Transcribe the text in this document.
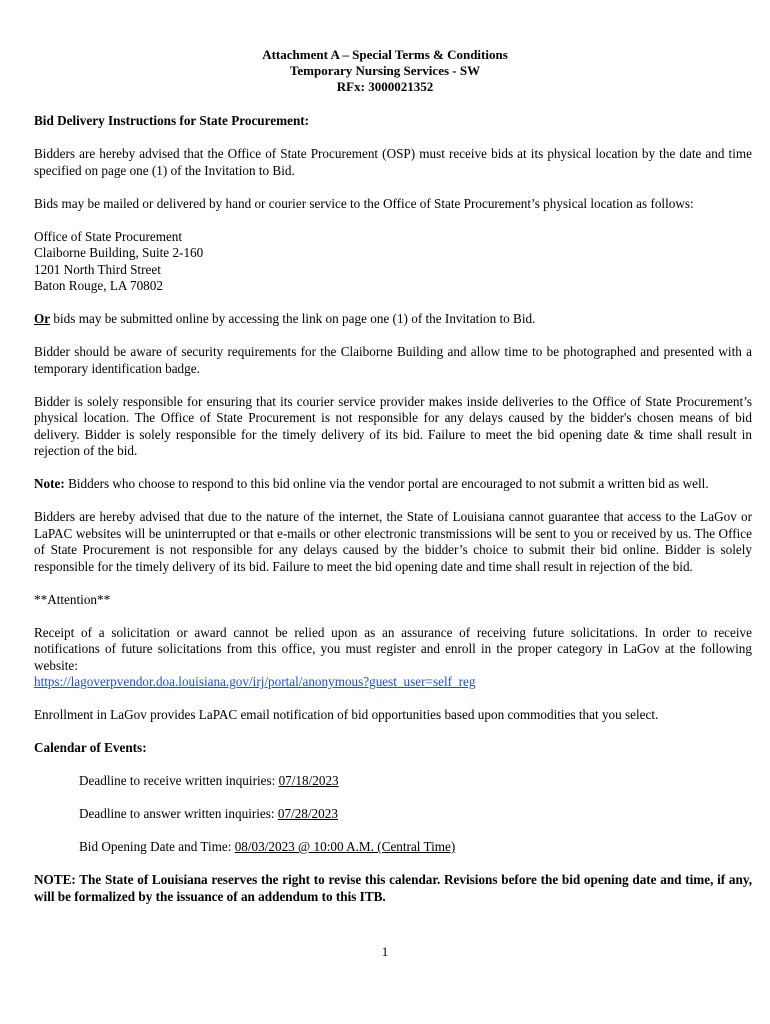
Attachment A – Special Terms & Conditions
Temporary Nursing Services - SW
RFx: 3000021352

Bid Delivery Instructions for State Procurement:

Bidders are hereby advised that the Office of State Procurement (OSP) must receive bids at its physical location by the date and time specified on page one (1) of the Invitation to Bid.

Bids may be mailed or delivered by hand or courier service to the Office of State Procurement’s physical location as follows:

Office of State Procurement
Claiborne Building, Suite 2-160
1201 North Third Street
Baton Rouge, LA 70802

Or bids may be submitted online by accessing the link on page one (1) of the Invitation to Bid.

Bidder should be aware of security requirements for the Claiborne Building and allow time to be photographed and presented with a temporary identification badge.

Bidder is solely responsible for ensuring that its courier service provider makes inside deliveries to the Office of State Procurement’s physical location. The Office of State Procurement is not responsible for any delays caused by the bidder's chosen means of bid delivery. Bidder is solely responsible for the timely delivery of its bid. Failure to meet the bid opening date & time shall result in rejection of the bid.

Note: Bidders who choose to respond to this bid online via the vendor portal are encouraged to not submit a written bid as well.

Bidders are hereby advised that due to the nature of the internet, the State of Louisiana cannot guarantee that access to the LaGov or LaPAC websites will be uninterrupted or that e-mails or other electronic transmissions will be sent to you or received by us. The Office of State Procurement is not responsible for any delays caused by the bidder’s choice to submit their bid online. Bidder is solely responsible for the timely delivery of its bid. Failure to meet the bid opening date and time shall result in rejection of the bid.

**Attention**

Receipt of a solicitation or award cannot be relied upon as an assurance of receiving future solicitations. In order to receive notifications of future solicitations from this office, you must register and enroll in the proper category in LaGov at the following website:
https://lagoverpvendor.doa.louisiana.gov/irj/portal/anonymous?guest_user=self_reg

Enrollment in LaGov provides LaPAC email notification of bid opportunities based upon commodities that you select.

Calendar of Events:

Deadline to receive written inquiries: 07/18/2023
Deadline to answer written inquiries: 07/28/2023
Bid Opening Date and Time: 08/03/2023 @ 10:00 A.M. (Central Time)

NOTE: The State of Louisiana reserves the right to revise this calendar. Revisions before the bid opening date and time, if any, will be formalized by the issuance of an addendum to this ITB.

1
